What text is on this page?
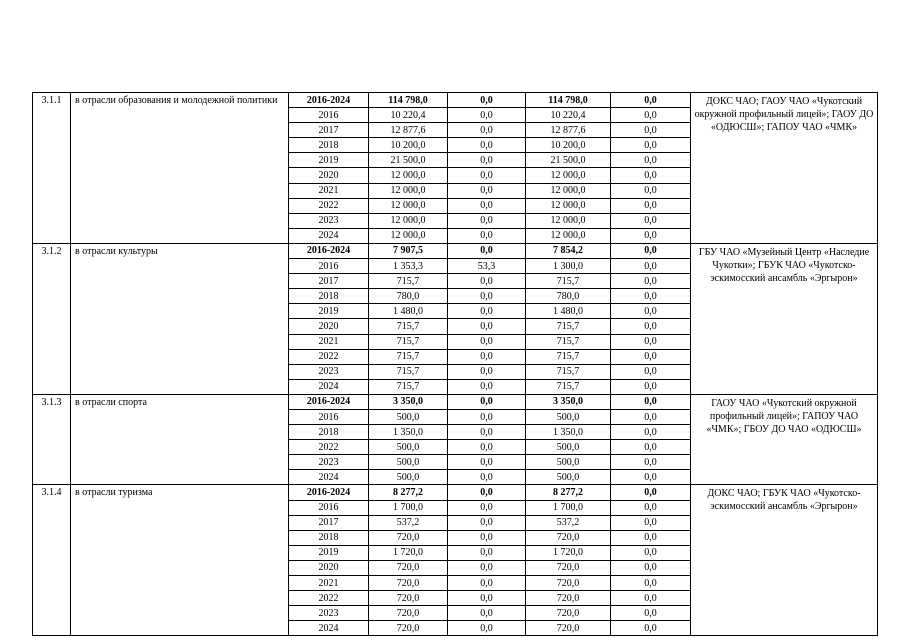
3.1.1	в отрасли образования и молодежной политики	2016-2024	114 798,0	0,0	114 798,0	0,0	ДОКС ЧАО; ГАОУ ЧАО «Чукотский окружной профильный лицей»; ГАОУ ДО «ОДЮСШ»; ГАПОУ ЧАО «ЧМК»
		2016	10 220,4	0,0	10 220,4	0,0	
		2017	12 877,6	0,0	12 877,6	0,0	
		2018	10 200,0	0,0	10 200,0	0,0	
		2019	21 500,0	0,0	21 500,0	0,0	
		2020	12 000,0	0,0	12 000,0	0,0	
		2021	12 000,0	0,0	12 000,0	0,0	
		2022	12 000,0	0,0	12 000,0	0,0	
		2023	12 000,0	0,0	12 000,0	0,0	
		2024	12 000,0	0,0	12 000,0	0,0	
3.1.2	в отрасли культуры	2016-2024	7 907,5	0,0	7 854,2	0,0	ГБУ ЧАО «Музейный Центр «Наследие Чукотки»; ГБУК ЧАО «Чукотско-эскимосский ансамбль «Эргырон»
		2016	1 353,3	53,3	1 300,0	0,0	
		2017	715,7	0,0	715,7	0,0	
		2018	780,0	0,0	780,0	0,0	
		2019	1 480,0	0,0	1 480,0	0,0	
		2020	715,7	0,0	715,7	0,0	
		2021	715,7	0,0	715,7	0,0	
		2022	715,7	0,0	715,7	0,0	
		2023	715,7	0,0	715,7	0,0	
		2024	715,7	0,0	715,7	0,0	
3.1.3	в отрасли спорта	2016-2024	3 350,0	0,0	3 350,0	0,0	ГАОУ ЧАО «Чукотский окружной профильный лицей»; ГАПОУ ЧАО «ЧМК»; ГБОУ ДО ЧАО «ОДЮСШ»
		2016	500,0	0,0	500,0	0,0	
		2018	1 350,0	0,0	1 350,0	0,0	
		2022	500,0	0,0	500,0	0,0	
		2023	500,0	0,0	500,0	0,0	
		2024	500,0	0,0	500,0	0,0	
3.1.4	в отрасли туризма	2016-2024	8 277,2	0,0	8 277,2	0,0	ДОКС ЧАО; ГБУК ЧАО «Чукотско-эскимосский ансамбль «Эргырон»
		2016	1 700,0	0,0	1 700,0	0,0	
		2017	537,2	0,0	537,2	0,0	
		2018	720,0	0,0	720,0	0,0	
		2019	1 720,0	0,0	1 720,0	0,0	
		2020	720,0	0,0	720,0	0,0	
		2021	720,0	0,0	720,0	0,0	
		2022	720,0	0,0	720,0	0,0	
		2023	720,0	0,0	720,0	0,0	
		2024	720,0	0,0	720,0	0,0	
